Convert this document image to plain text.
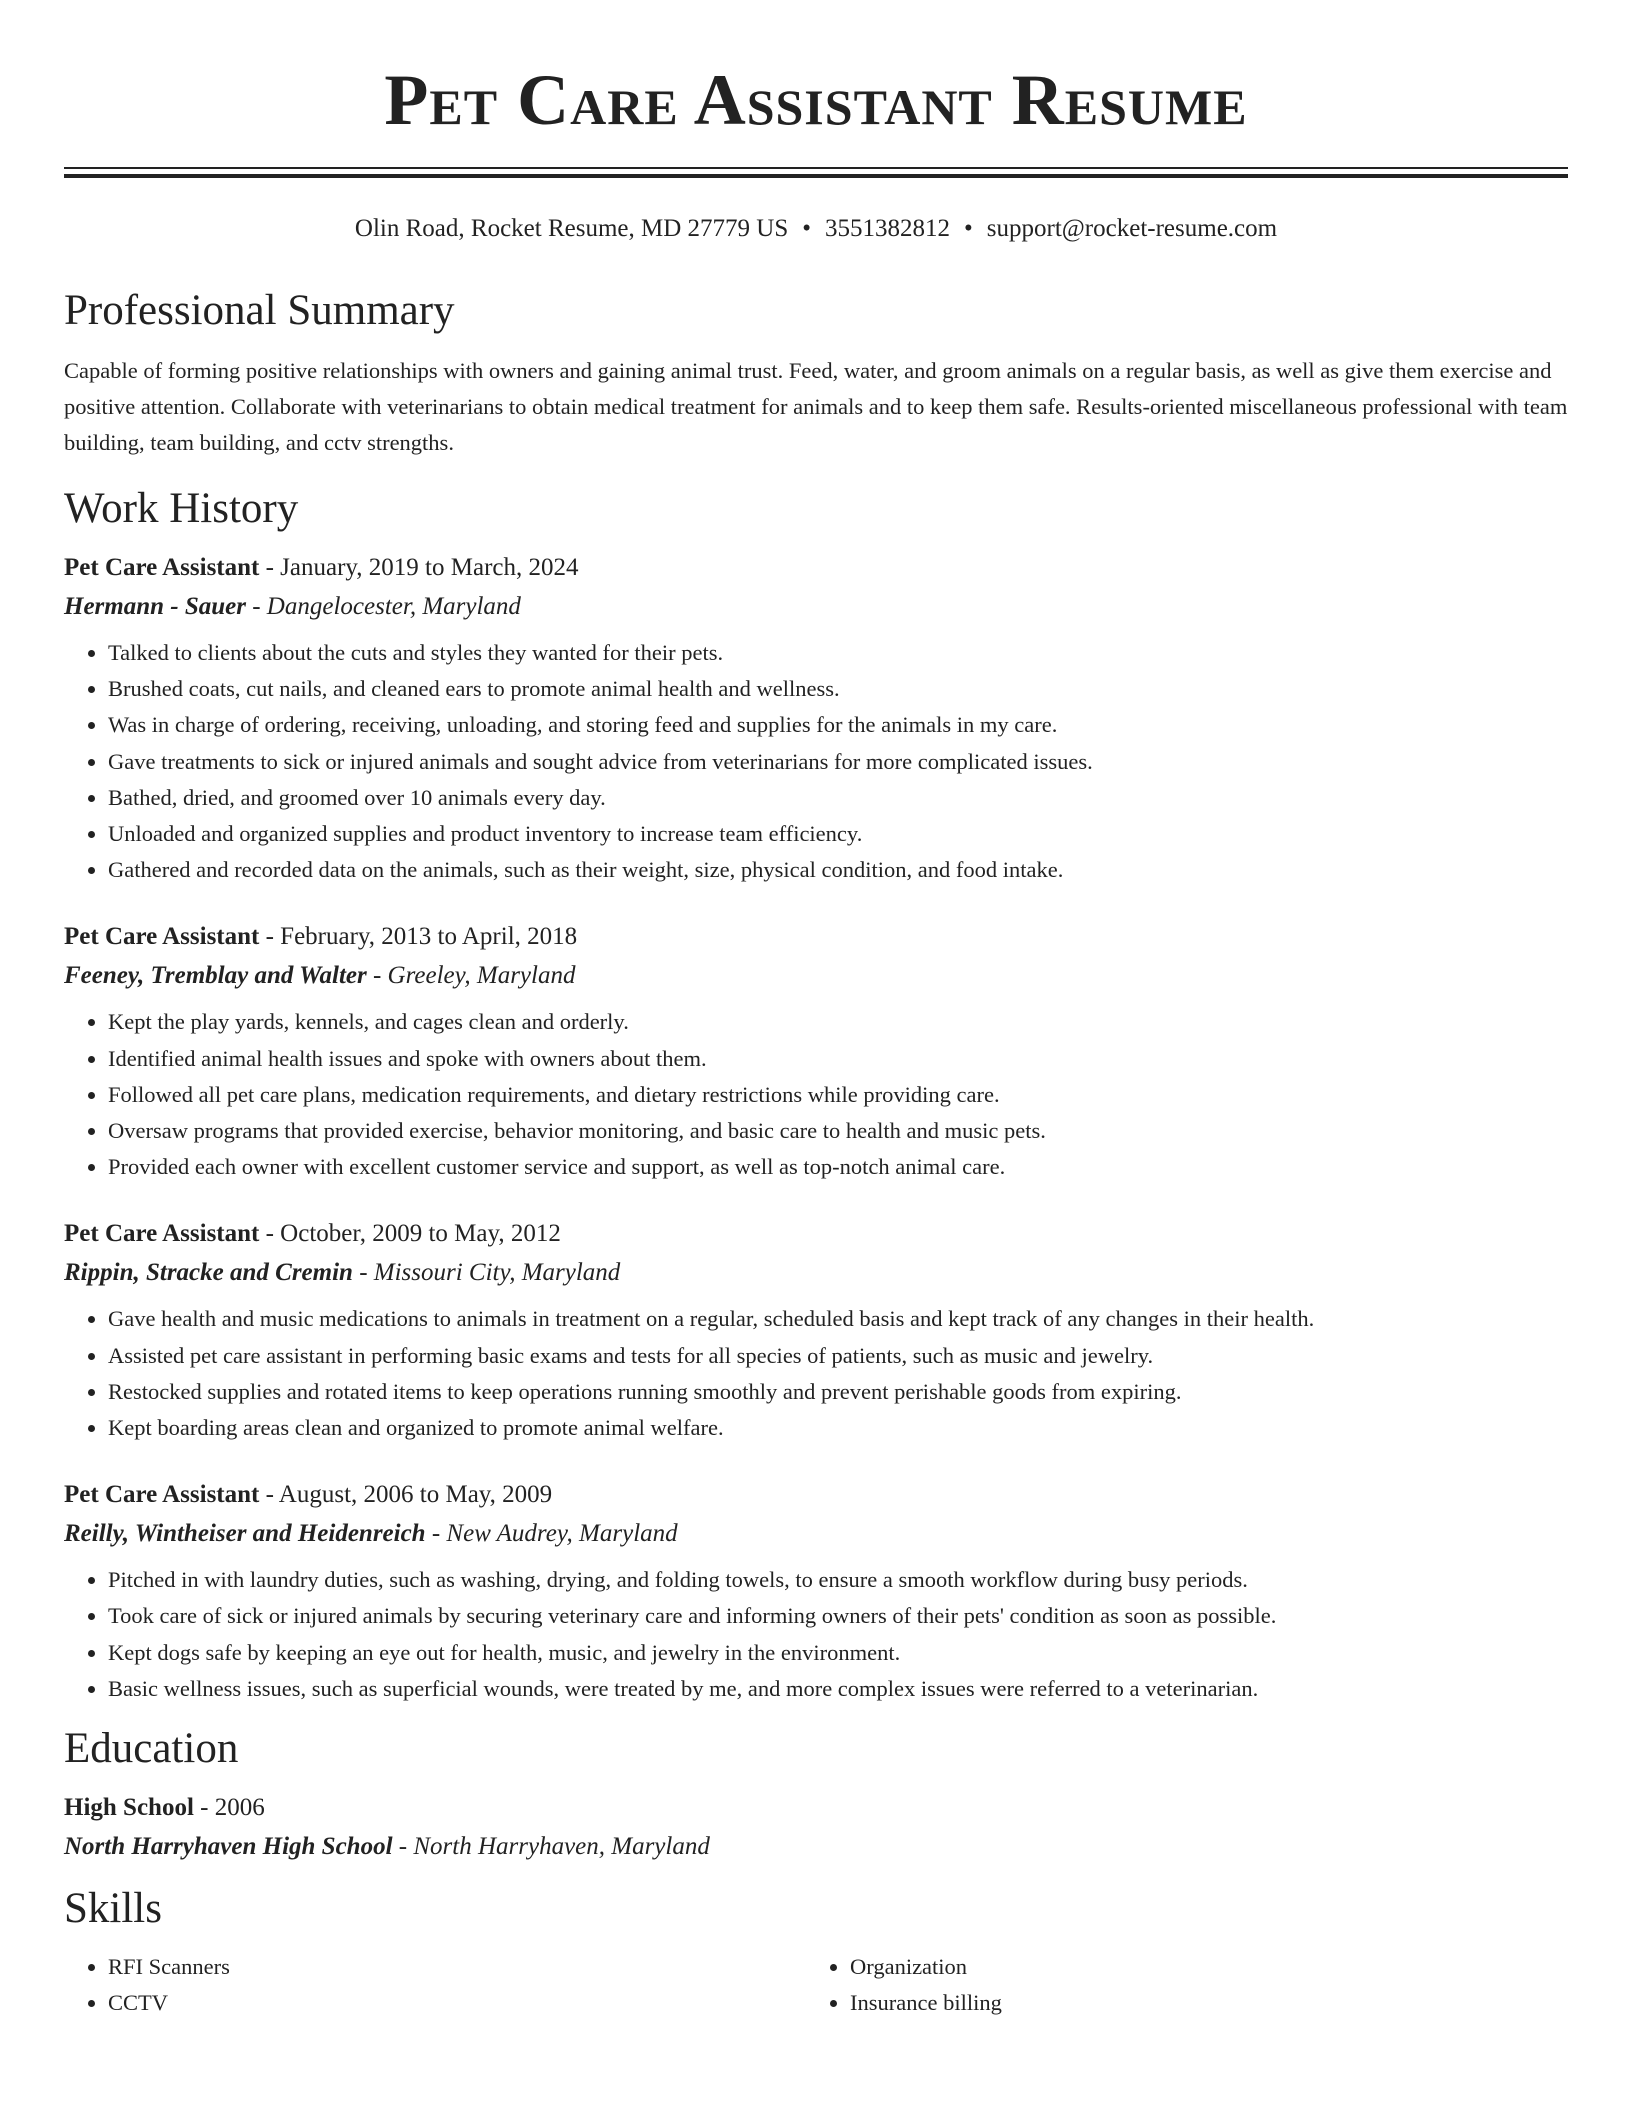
Pet Care Assistant Resume
Olin Road, Rocket Resume, MD 27779 US • 3551382812 • support@rocket-resume.com
Professional Summary
Capable of forming positive relationships with owners and gaining animal trust. Feed, water, and groom animals on a regular basis, as well as give them exercise and positive attention. Collaborate with veterinarians to obtain medical treatment for animals and to keep them safe. Results-oriented miscellaneous professional with team building, team building, and cctv strengths.
Work History
Pet Care Assistant - January, 2019 to March, 2024
Hermann - Sauer - Dangelocester, Maryland
• Talked to clients about the cuts and styles they wanted for their pets.
• Brushed coats, cut nails, and cleaned ears to promote animal health and wellness.
• Was in charge of ordering, receiving, unloading, and storing feed and supplies for the animals in my care.
• Gave treatments to sick or injured animals and sought advice from veterinarians for more complicated issues.
• Bathed, dried, and groomed over 10 animals every day.
• Unloaded and organized supplies and product inventory to increase team efficiency.
• Gathered and recorded data on the animals, such as their weight, size, physical condition, and food intake.
Pet Care Assistant - February, 2013 to April, 2018
Feeney, Tremblay and Walter - Greeley, Maryland
• Kept the play yards, kennels, and cages clean and orderly.
• Identified animal health issues and spoke with owners about them.
• Followed all pet care plans, medication requirements, and dietary restrictions while providing care.
• Oversaw programs that provided exercise, behavior monitoring, and basic care to health and music pets.
• Provided each owner with excellent customer service and support, as well as top-notch animal care.
Pet Care Assistant - October, 2009 to May, 2012
Rippin, Stracke and Cremin - Missouri City, Maryland
• Gave health and music medications to animals in treatment on a regular, scheduled basis and kept track of any changes in their health.
• Assisted pet care assistant in performing basic exams and tests for all species of patients, such as music and jewelry.
• Restocked supplies and rotated items to keep operations running smoothly and prevent perishable goods from expiring.
• Kept boarding areas clean and organized to promote animal welfare.
Pet Care Assistant - August, 2006 to May, 2009
Reilly, Wintheiser and Heidenreich - New Audrey, Maryland
• Pitched in with laundry duties, such as washing, drying, and folding towels, to ensure a smooth workflow during busy periods.
• Took care of sick or injured animals by securing veterinary care and informing owners of their pets' condition as soon as possible.
• Kept dogs safe by keeping an eye out for health, music, and jewelry in the environment.
• Basic wellness issues, such as superficial wounds, were treated by me, and more complex issues were referred to a veterinarian.
Education
High School - 2006
North Harryhaven High School - North Harryhaven, Maryland
Skills
• RFI Scanners
• CCTV
• Organization
• Insurance billing
